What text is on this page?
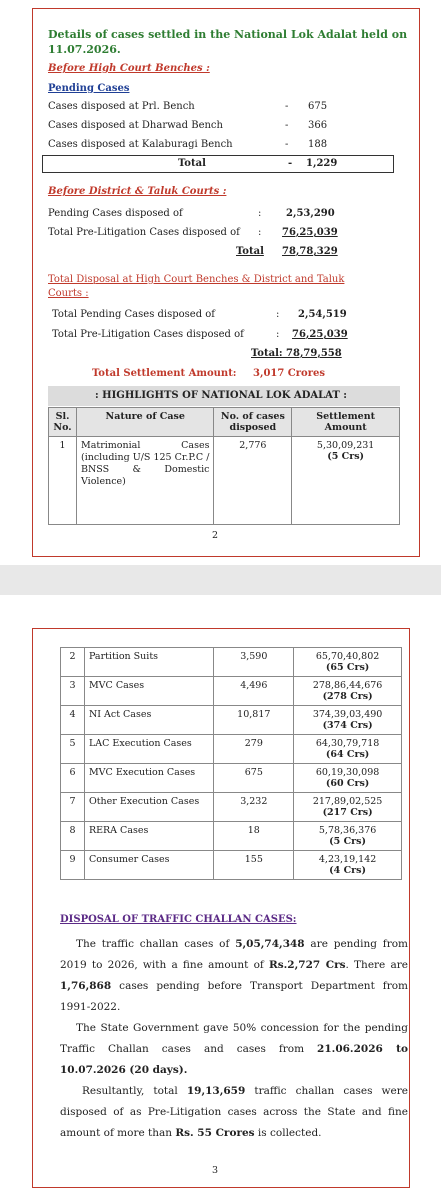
Details of cases settled in the National Lok Adalat held on
11.07.2026.
Before High Court Benches :
Pending Cases
Cases disposed at Prl. Bench	- 675
Cases disposed at Dharwad Bench	- 366
Cases disposed at Kalaburagi Bench	- 188
Total	- 1,229
Before District & Taluk Courts :
Pending Cases disposed of	: 2,53,290
Total Pre-Litigation Cases disposed of : 76,25,039
Total 78,78,329
Total Disposal at High Court Benches & District and Taluk
Courts :
Total Pending Cases disposed of	: 2,54,519
Total Pre-Litigation Cases disposed of	: 76,25,039
Total: 78,79,558
Total Settlement Amount: 3,017 Crores
: HIGHLIGHTS OF NATIONAL LOK ADALAT :
Sl. No.	Nature of Case	No. of cases disposed	Settlement Amount
1	Matrimonial Cases (including U/S 125 Cr.P.C / BNSS & Domestic Violence)	2,776	5,30,09,231
(5 Crs)
2
2	Partition Suits	3,590	65,70,40,802
(65 Crs)

3	MVC Cases	4,496	278,86,44,676
(278 Crs)

4	NI Act Cases	10,817	374,39,03,490
(374 Crs)

5	LAC Execution Cases	279	64,30,79,718
(64 Crs)

6	MVC Execution Cases	675	60,19,30,098
(60 Crs)

7	Other Execution Cases	3,232	217,89,02,525
(217 Crs)

8	RERA Cases	18	5,78,36,376
(5 Crs)

9	Consumer Cases	155	4,23,19,142
(4 Crs)
DISPOSAL OF TRAFFIC CHALLAN CASES:
The traffic challan cases of 5,05,74,348 are pending from 2019 to 2026, with a fine amount of Rs.2,727 Crs. There are 1,76,868 cases pending before Transport Department from 1991-2022.
The State Government gave 50% concession for the pending Traffic Challan cases and cases from 21.06.2026 to 10.07.2026 (20 days).
Resultantly, total 19,13,659 traffic challan cases were disposed of as Pre-Litigation cases across the State and fine amount of more than Rs. 55 Crores is collected.
3
